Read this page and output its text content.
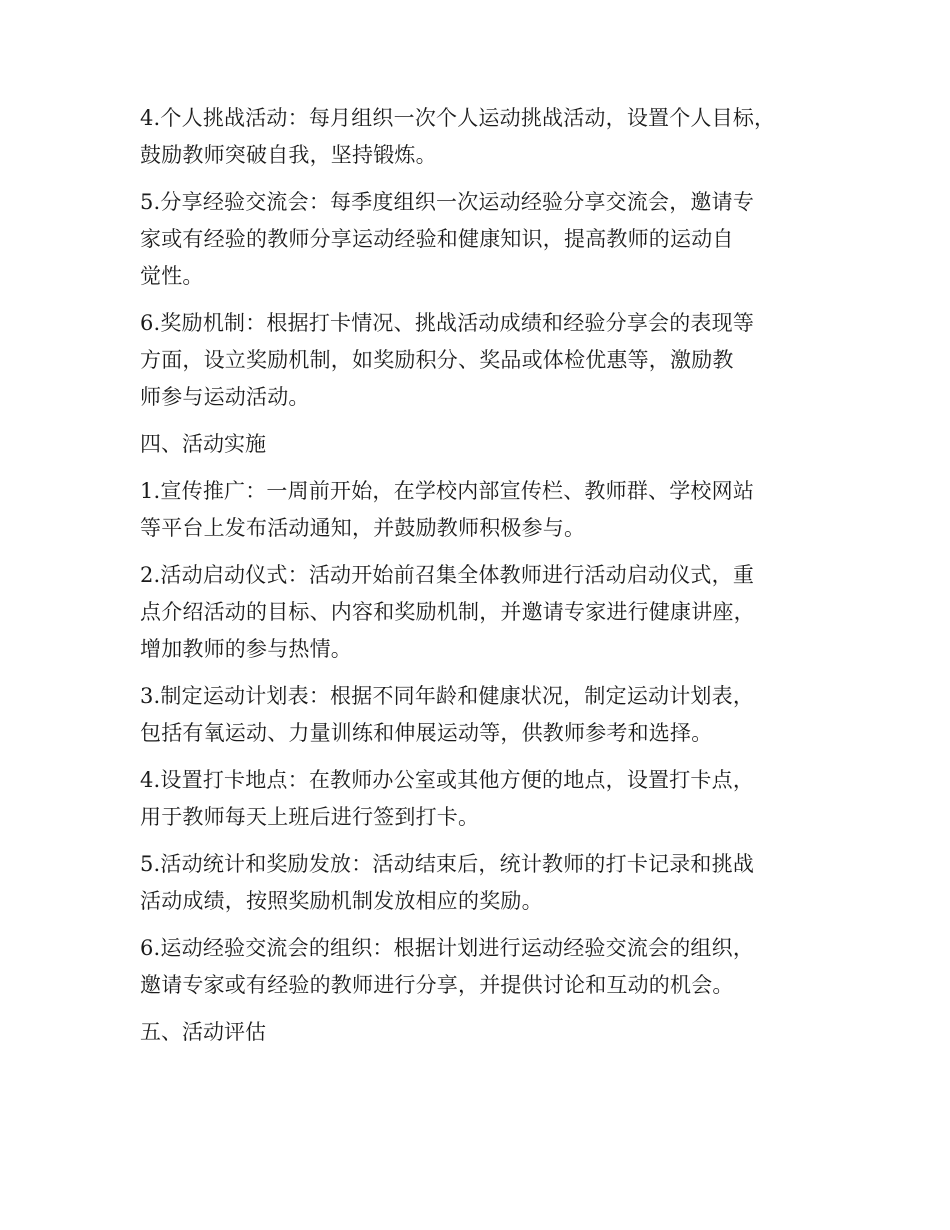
4.个人挑战活动：每月组织一次个人运动挑战活动，设置个人目标，
鼓励教师突破自我，坚持锻炼。
5.分享经验交流会：每季度组织一次运动经验分享交流会，邀请专
家或有经验的教师分享运动经验和健康知识，提高教师的运动自
觉性。
6.奖励机制：根据打卡情况、挑战活动成绩和经验分享会的表现等
方面，设立奖励机制，如奖励积分、奖品或体检优惠等，激励教
师参与运动活动。
四、活动实施
1.宣传推广：一周前开始，在学校内部宣传栏、教师群、学校网站
等平台上发布活动通知，并鼓励教师积极参与。
2.活动启动仪式：活动开始前召集全体教师进行活动启动仪式，重
点介绍活动的目标、内容和奖励机制，并邀请专家进行健康讲座，
增加教师的参与热情。
3.制定运动计划表：根据不同年龄和健康状况，制定运动计划表，
包括有氧运动、力量训练和伸展运动等，供教师参考和选择。
4.设置打卡地点：在教师办公室或其他方便的地点，设置打卡点，
用于教师每天上班后进行签到打卡。
5.活动统计和奖励发放：活动结束后，统计教师的打卡记录和挑战
活动成绩，按照奖励机制发放相应的奖励。
6.运动经验交流会的组织：根据计划进行运动经验交流会的组织，
邀请专家或有经验的教师进行分享，并提供讨论和互动的机会。
五、活动评估
